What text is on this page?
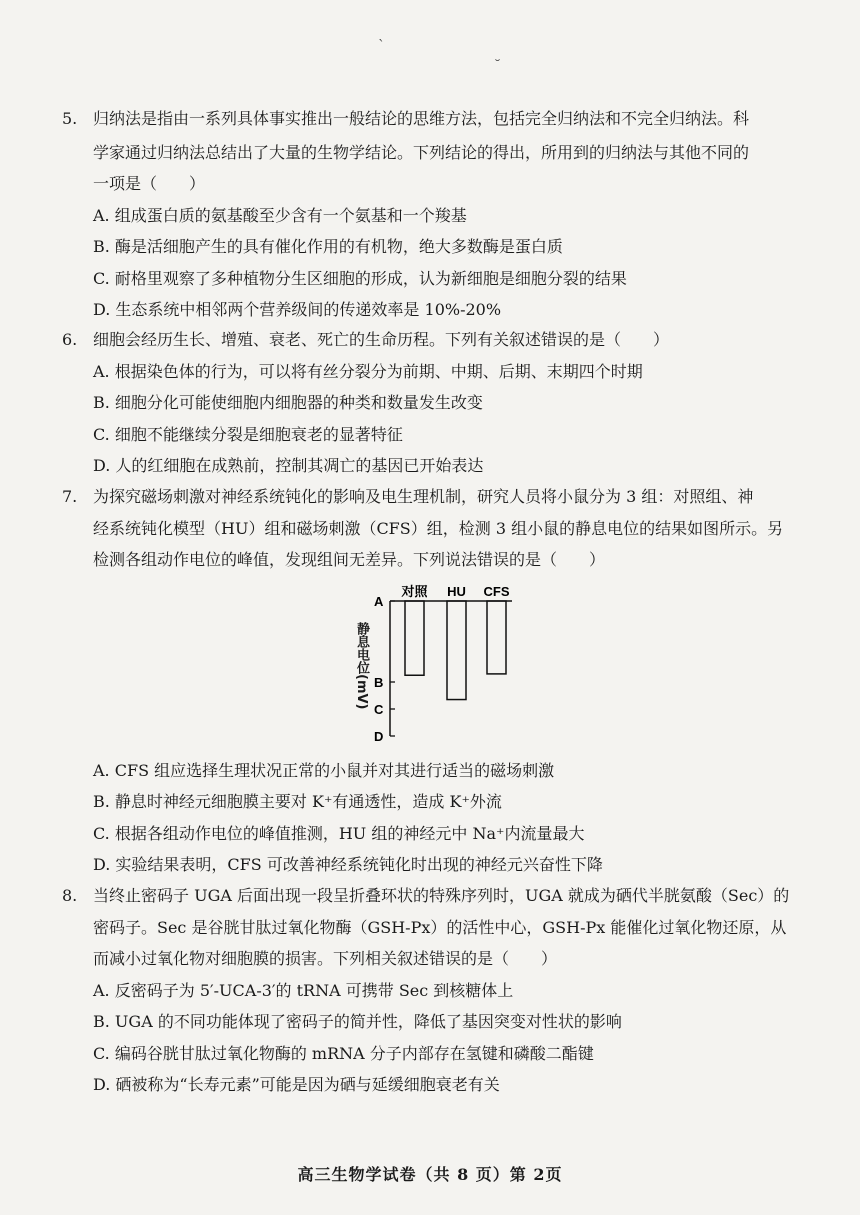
`
˘
5. 归纳法是指由一系列具体事实推出一般结论的思维方法，包括完全归纳法和不完全归纳法。科
学家通过归纳法总结出了大量的生物学结论。下列结论的得出，所用到的归纳法与其他不同的
一项是（　　）
A. 组成蛋白质的氨基酸至少含有一个氨基和一个羧基
B. 酶是活细胞产生的具有催化作用的有机物，绝大多数酶是蛋白质
C. 耐格里观察了多种植物分生区细胞的形成，认为新细胞是细胞分裂的结果
D. 生态系统中相邻两个营养级间的传递效率是 10%-20%
6. 细胞会经历生长、增殖、衰老、死亡的生命历程。下列有关叙述错误的是（　　）
A. 根据染色体的行为，可以将有丝分裂分为前期、中期、后期、末期四个时期
B. 细胞分化可能使细胞内细胞器的种类和数量发生改变
C. 细胞不能继续分裂是细胞衰老的显著特征
D. 人的红细胞在成熟前，控制其凋亡的基因已开始表达
7. 为探究磁场刺激对神经系统钝化的影响及电生理机制，研究人员将小鼠分为 3 组：对照组、神
经系统钝化模型（HU）组和磁场刺激（CFS）组，检测 3 组小鼠的静息电位的结果如图所示。另
检测各组动作电位的峰值，发现组间无差异。下列说法错误的是（　　）
A
B
C
D
对照 HU CFS
静息电位(mV)
A. CFS 组应选择生理状况正常的小鼠并对其进行适当的磁场刺激
B. 静息时神经元细胞膜主要对 K⁺有通透性，造成 K⁺外流
C. 根据各组动作电位的峰值推测，HU 组的神经元中 Na⁺内流量最大
D. 实验结果表明，CFS 可改善神经系统钝化时出现的神经元兴奋性下降
8. 当终止密码子 UGA 后面出现一段呈折叠环状的特殊序列时，UGA 就成为硒代半胱氨酸（Sec）的
密码子。Sec 是谷胱甘肽过氧化物酶（GSH-Px）的活性中心，GSH-Px 能催化过氧化物还原，从
而减小过氧化物对细胞膜的损害。下列相关叙述错误的是（　　）
A. 反密码子为 5′-UCA-3′的 tRNA 可携带 Sec 到核糖体上
B. UGA 的不同功能体现了密码子的简并性，降低了基因突变对性状的影响
C. 编码谷胱甘肽过氧化物酶的 mRNA 分子内部存在氢键和磷酸二酯键
D. 硒被称为“长寿元素”可能是因为硒与延缓细胞衰老有关
高三生物学试卷（共 8 页）第 2页
